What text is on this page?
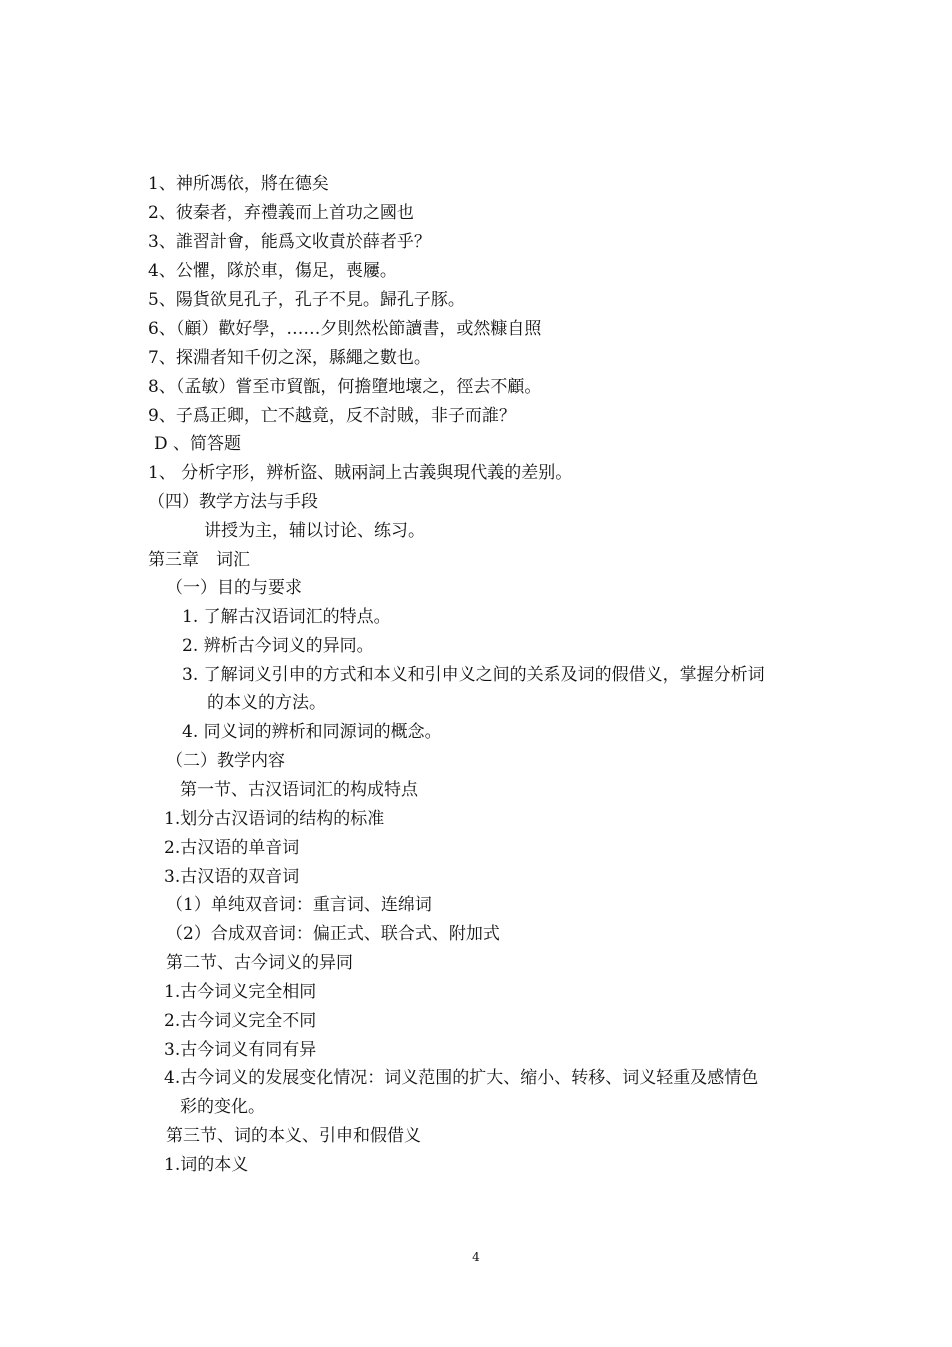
1、神所馮依，將在德矣
2、彼秦者，弃禮義而上首功之國也
3、誰習計會，能爲文收責於薛者乎？
4、公懼，隊於車，傷足，喪屨。
5、陽貨欲見孔子，孔子不見。歸孔子豚。
6、（顧）歡好學，……夕則然松節讀書，或然糠自照
7、探淵者知千仞之深，縣繩之數也。
8、（孟敏）嘗至市貿甑，何擔墮地壞之，徑去不顧。
9、子爲正卿，亡不越竟，反不討賊，非子而誰？
D 、简答题
1、 分析字形，辨析盜、賊兩詞上古義與現代義的差别。
（四）教学方法与手段
讲授为主，辅以讨论、练习。
第三章　词汇
（一）目的与要求
1. 了解古汉语词汇的特点。
2. 辨析古今词义的异同。
3. 了解词义引申的方式和本义和引申义之间的关系及词的假借义，掌握分析词
的本义的方法。
4. 同义词的辨析和同源词的概念。
（二）教学内容
第一节、古汉语词汇的构成特点
1.划分古汉语词的结构的标准
2.古汉语的单音词
3.古汉语的双音词
（1）单纯双音词：重言词、连绵词
（2）合成双音词：偏正式、联合式、附加式
第二节、古今词义的异同
1.古今词义完全相同
2.古今词义完全不同
3.古今词义有同有异
4.古今词义的发展变化情况：词义范围的扩大、缩小、转移、词义轻重及感情色
彩的变化。
第三节、词的本义、引申和假借义
1.词的本义
4
